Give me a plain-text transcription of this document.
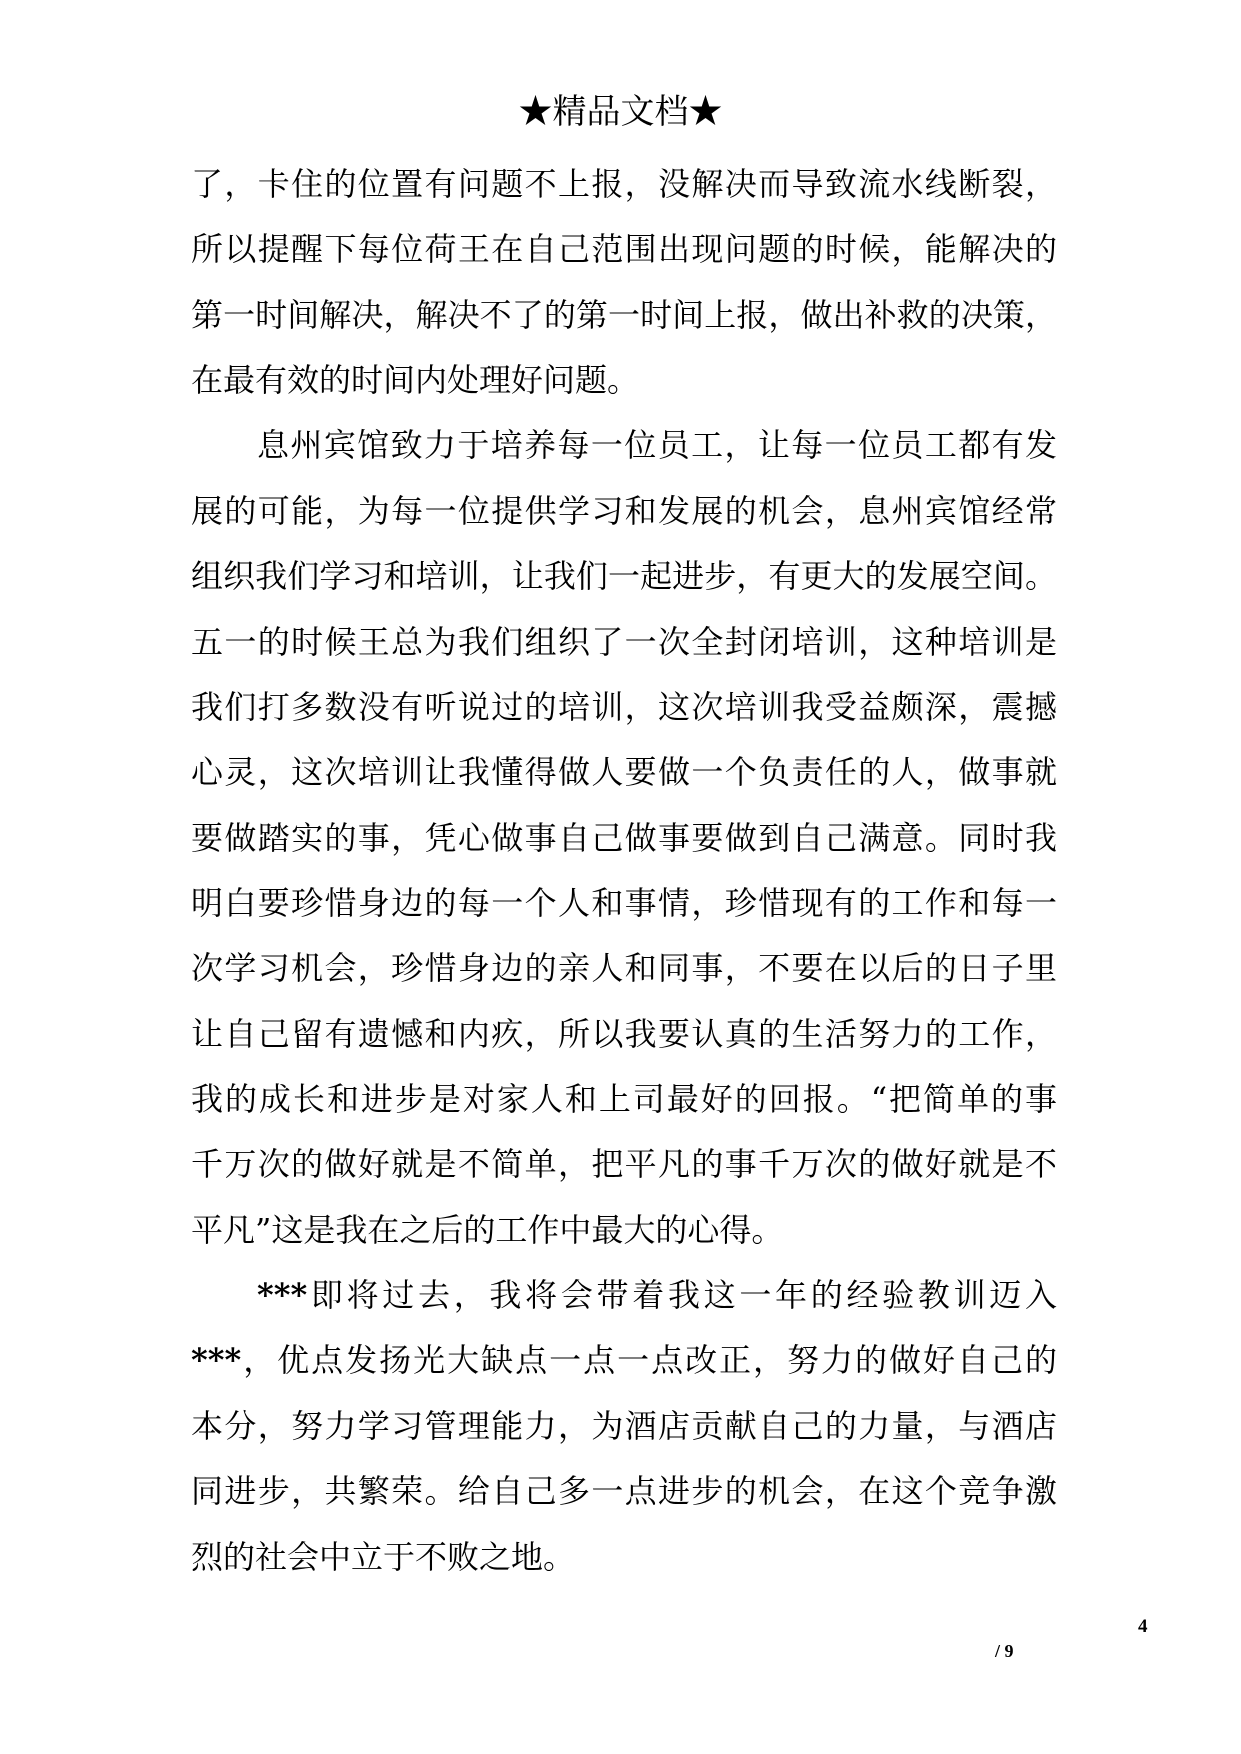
★精品文档★
了，卡住的位置有问题不上报，没解决而导致流水线断裂，
所以提醒下每位荷王在自己范围出现问题的时候，能解决的
第一时间解决，解决不了的第一时间上报，做出补救的决策，
在最有效的时间内处理好问题。
息州宾馆致力于培养每一位员工，让每一位员工都有发
展的可能，为每一位提供学习和发展的机会，息州宾馆经常
组织我们学习和培训，让我们一起进步，有更大的发展空间。
五一的时候王总为我们组织了一次全封闭培训，这种培训是
我们打多数没有听说过的培训，这次培训我受益颇深，震撼
心灵，这次培训让我懂得做人要做一个负责任的人，做事就
要做踏实的事，凭心做事自己做事要做到自己满意。同时我
明白要珍惜身边的每一个人和事情，珍惜现有的工作和每一
次学习机会，珍惜身边的亲人和同事，不要在以后的日子里
让自己留有遗憾和内疚，所以我要认真的生活努力的工作，
我的成长和进步是对家人和上司最好的回报。“把简单的事
千万次的做好就是不简单，把平凡的事千万次的做好就是不
平凡”这是我在之后的工作中最大的心得。
***即将过去，我将会带着我这一年的经验教训迈入
***，优点发扬光大缺点一点一点改正，努力的做好自己的
本分，努力学习管理能力，为酒店贡献自己的力量，与酒店
同进步，共繁荣。给自己多一点进步的机会，在这个竞争激
烈的社会中立于不败之地。
4
/ 9
